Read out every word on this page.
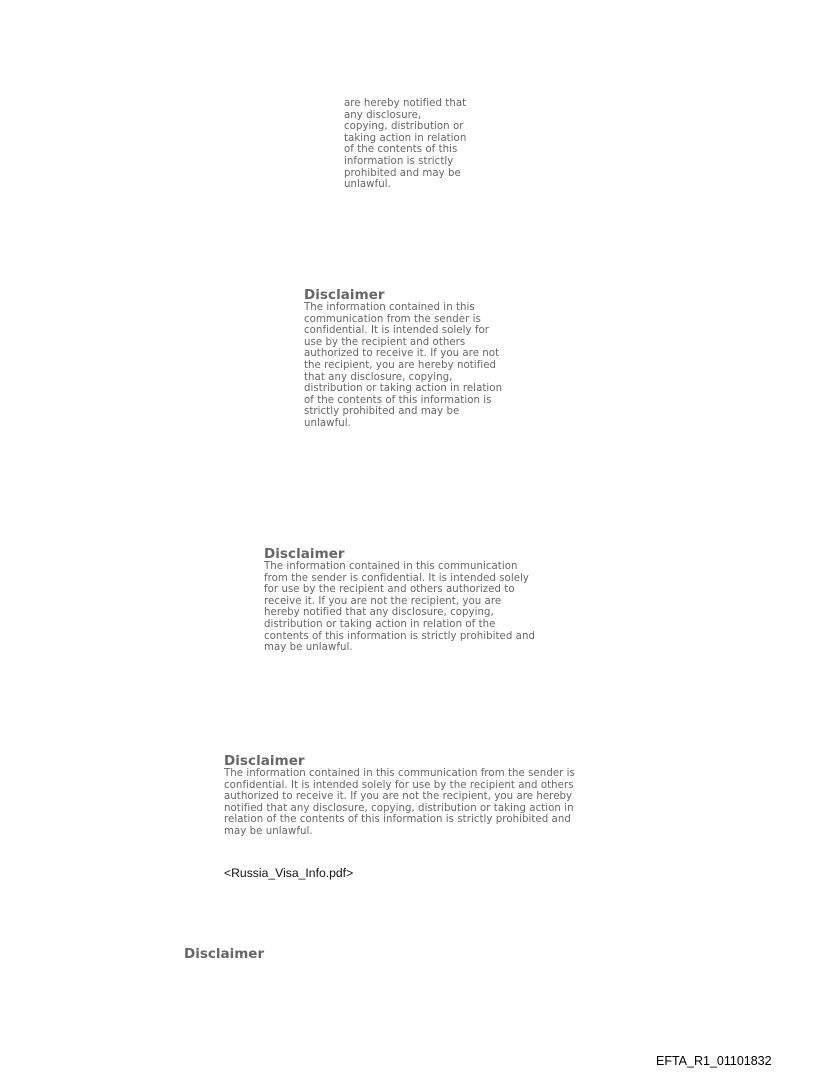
are hereby notified that
any disclosure,
copying, distribution or
taking action in relation
of the contents of this
information is strictly
prohibited and may be
unlawful.
Disclaimer
The information contained in this
communication from the sender is
confidential. It is intended solely for
use by the recipient and others
authorized to receive it. If you are not
the recipient, you are hereby notified
that any disclosure, copying,
distribution or taking action in relation
of the contents of this information is
strictly prohibited and may be
unlawful.
Disclaimer
The information contained in this communication
from the sender is confidential. It is intended solely
for use by the recipient and others authorized to
receive it. If you are not the recipient, you are
hereby notified that any disclosure, copying,
distribution or taking action in relation of the
contents of this information is strictly prohibited and
may be unlawful.
Disclaimer
The information contained in this communication from the sender is
confidential. It is intended solely for use by the recipient and others
authorized to receive it. If you are not the recipient, you are hereby
notified that any disclosure, copying, distribution or taking action in
relation of the contents of this information is strictly prohibited and
may be unlawful.
<Russia_Visa_Info.pdf>
Disclaimer
EFTA_R1_01101832
